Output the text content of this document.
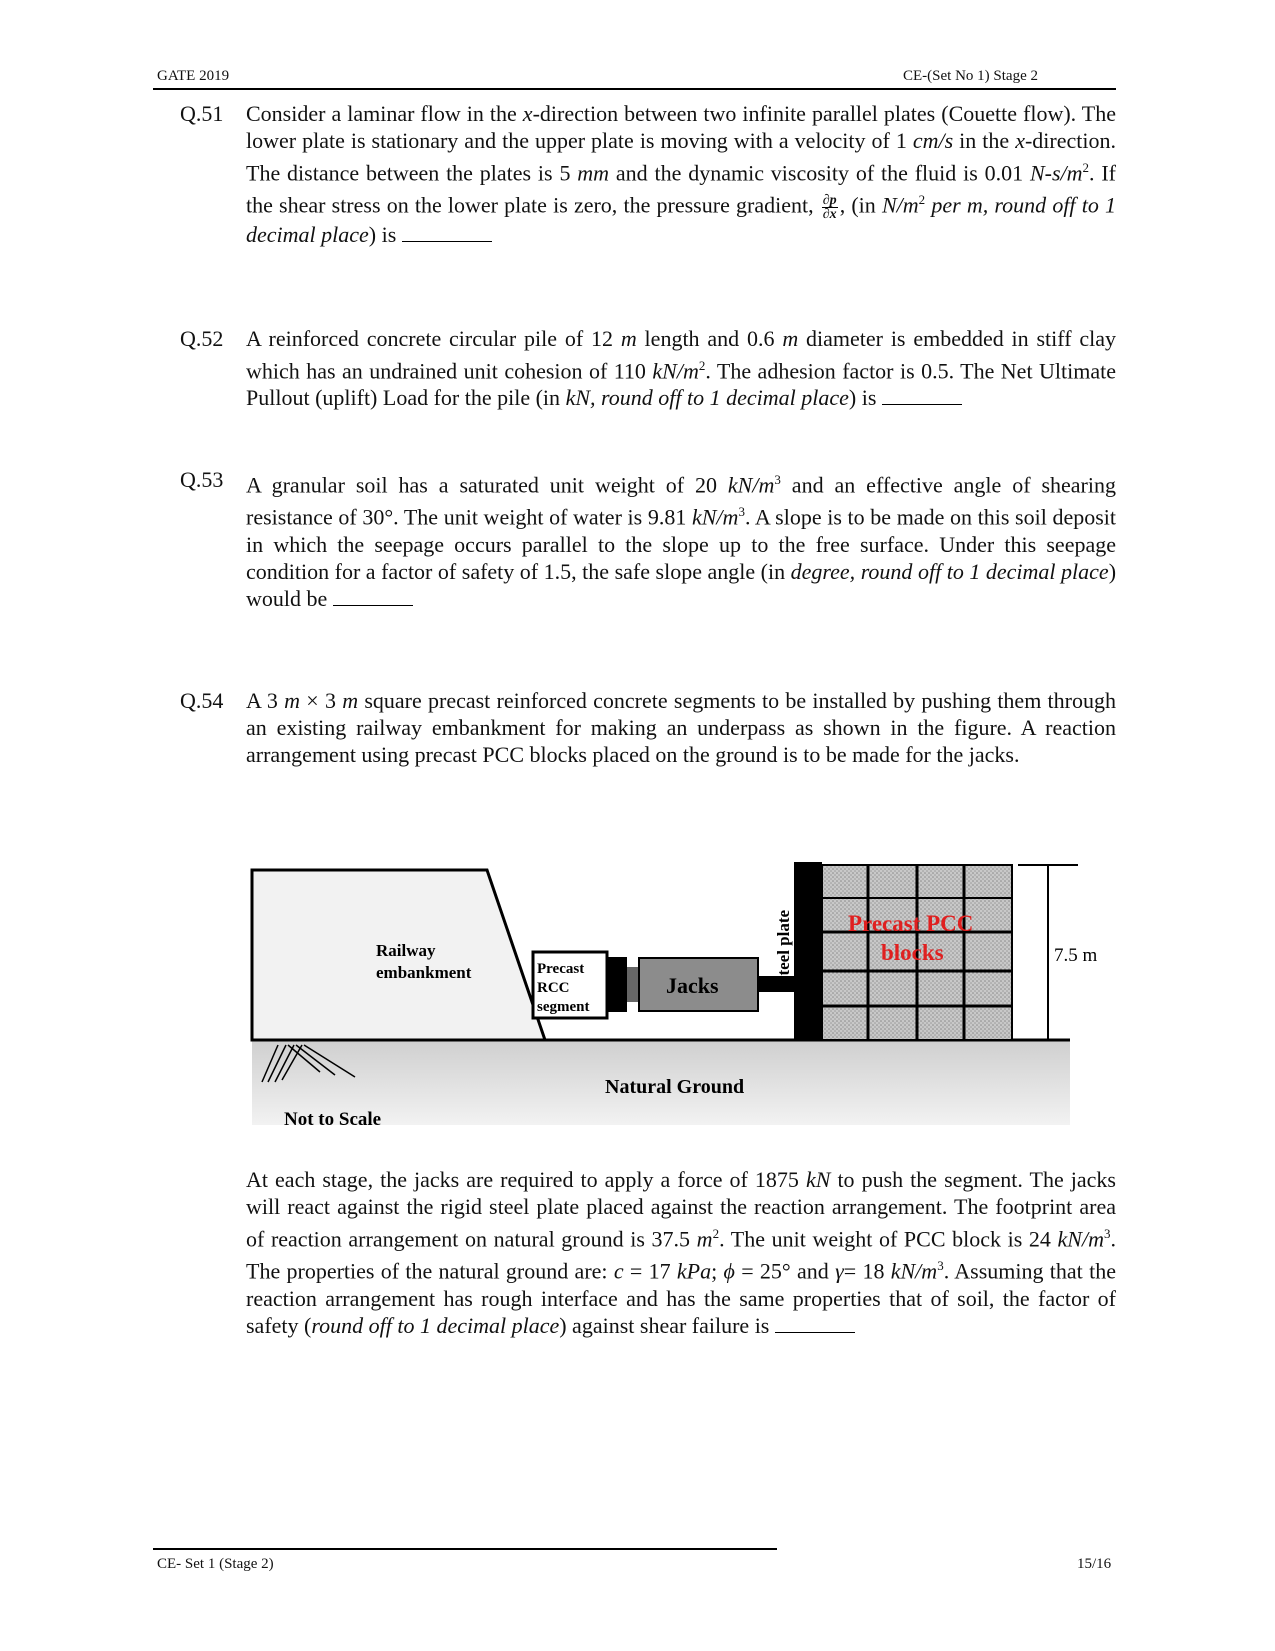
GATE 2019	CE-(Set No 1) Stage 2
Q.51 Consider a laminar flow in the x-direction between two infinite parallel plates (Couette flow). The lower plate is stationary and the upper plate is moving with a velocity of 1 cm/s in the x-direction. The distance between the plates is 5 mm and the dynamic viscosity of the fluid is 0.01 $N-s/m^2$. If the shear stress on the lower plate is zero, the pressure gradient, $\frac{\partial p}{\partial x}$ , (in $N/m^2$ per m, round off to 1 decimal place) is
Q.52 A reinforced concrete circular pile of 12 m length and 0.6 m diameter is embedded in stiff clay which has an undrained unit cohesion of 110 $kN/m^2$. The adhesion factor is 0.5. The Net Ultimate Pullout (uplift) Load for the pile (in kN, round off to 1 decimal place) is
Q.53 A granular soil has a saturated unit weight of 20 $kN/m^3$ and an effective angle of shearing resistance of 30°. The unit weight of water is 9.81 $kN/m^3$. A slope is to be made on this soil deposit in which the seepage occurs parallel to the slope up to the free surface. Under this seepage condition for a factor of safety of 1.5, the safe slope angle (in degree, round off to 1 decimal place) would be
Q.54 A 3 m × 3 m square precast reinforced concrete segments to be installed by pushing them through an existing railway embankment for making an underpass as shown in the figure. A reaction arrangement using precast PCC blocks placed on the ground is to be made for the jacks.
Railway
embankment	Precast
RCC
segment
Jacks
Steel plate Precast PCC
blocks	7.5 m
Natural Ground
Not to Scale
At each stage, the jacks are required to apply a force of 1875 kN to push the segment. The jacks will react against the rigid steel plate placed against the reaction arrangement. The footprint area of reaction arrangement on natural ground is 37.5 $m^2$. The unit weight of PCC block is 24 $kN/m^3$. The properties of the natural ground are: c = 17 kPa; ϕ = 25° and γ= 18 $kN/m^3$. Assuming that the reaction arrangement has rough interface and has the same properties that of soil, the factor of safety (round off to 1 decimal place) against shear failure is
CE- Set 1 (Stage 2)	15/16
